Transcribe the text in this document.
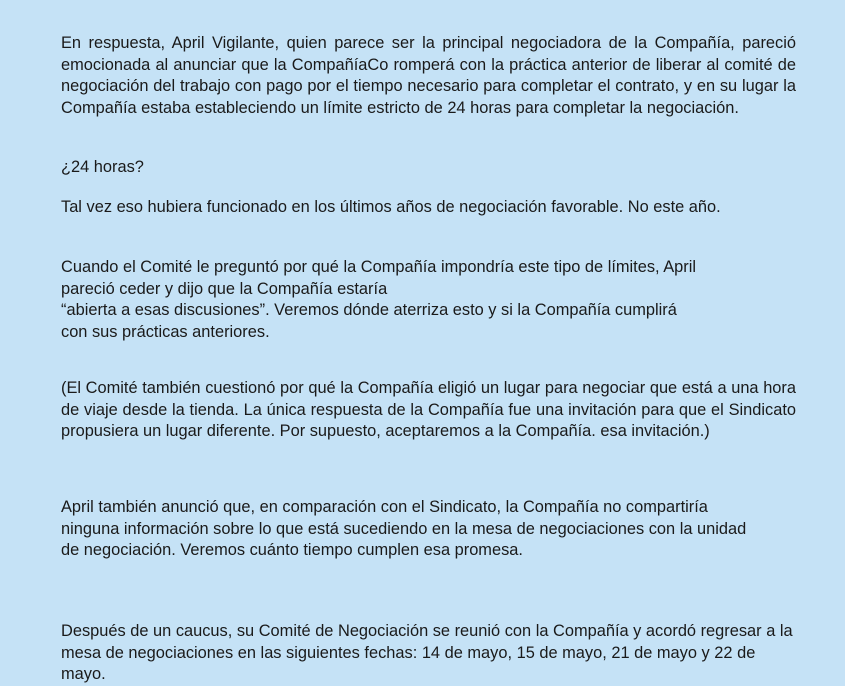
En respuesta, April Vigilante, quien parece ser la principal negociadora de la Compañía, pareció emocionada al anunciar que la CompañíaCo romperá con la práctica anterior de liberar al comité de negociación del trabajo con pago por el tiempo necesario para completar el contrato, y en su lugar la Compañía estaba estableciendo un límite estricto de 24 horas para completar la negociación.

¿24 horas?

Tal vez eso hubiera funcionado en los últimos años de negociación favorable. No este año.

Cuando el Comité le preguntó por qué la Compañía impondría este tipo de límites, April
pareció ceder y dijo que la Compañía estaría
“abierta a esas discusiones”. Veremos dónde aterriza esto y si la Compañía cumplirá
con sus prácticas anteriores.

(El Comité también cuestionó por qué la Compañía eligió un lugar para negociar que está a una hora de viaje desde la tienda. La única respuesta de la Compañía fue una invitación para que el Sindicato propusiera un lugar diferente. Por supuesto, aceptaremos a la Compañía. esa invitación.)

April también anunció que, en comparación con el Sindicato, la Compañía no compartiría ninguna información sobre lo que está sucediendo en la mesa de negociaciones con la unidad de negociación. Veremos cuánto tiempo cumplen esa promesa.

Después de un caucus, su Comité de Negociación se reunió con la Compañía y acordó regresar a la mesa de negociaciones en las siguientes fechas: 14 de mayo, 15 de mayo, 21 de mayo y 22 de mayo.
